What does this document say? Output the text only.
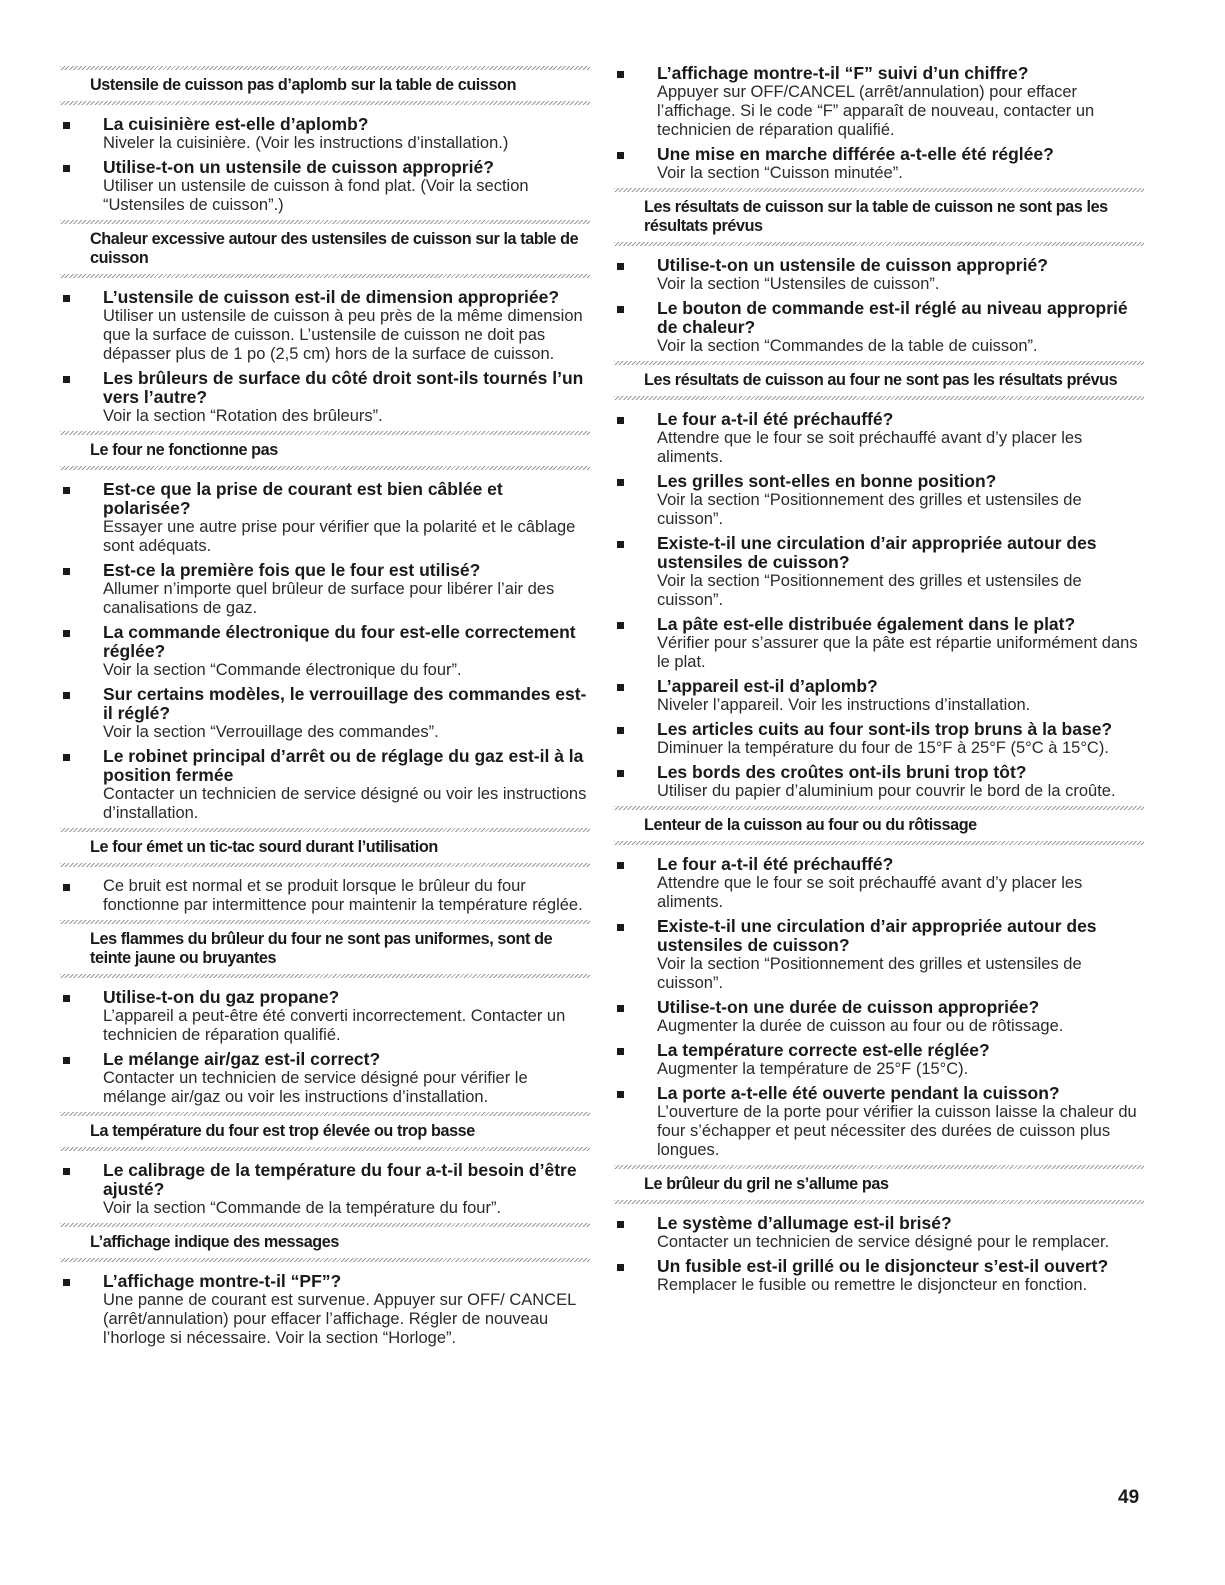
Ustensile de cuisson pas d’aplomb sur la table de cuisson
La cuisinière est-elle d’aplomb?
Niveler la cuisinière. (Voir les instructions d’installation.)
Utilise-t-on un ustensile de cuisson approprié?
Utiliser un ustensile de cuisson à fond plat. (Voir la section “Ustensiles de cuisson”.)
Chaleur excessive autour des ustensiles de cuisson sur la table de cuisson
L’ustensile de cuisson est-il de dimension appropriée?
Utiliser un ustensile de cuisson à peu près de la même dimension que la surface de cuisson. L’ustensile de cuisson ne doit pas dépasser plus de 1 po (2,5 cm) hors de la surface de cuisson.
Les brûleurs de surface du côté droit sont-ils tournés l’un vers l’autre?
Voir la section “Rotation des brûleurs”.
Le four ne fonctionne pas
Est-ce que la prise de courant est bien câblée et polarisée?
Essayer une autre prise pour vérifier que la polarité et le câblage sont adéquats.
Est-ce la première fois que le four est utilisé?
Allumer n’importe quel brûleur de surface pour libérer l’air des canalisations de gaz.
La commande électronique du four est-elle correctement réglée?
Voir la section “Commande électronique du four”.
Sur certains modèles, le verrouillage des commandes est-il réglé?
Voir la section “Verrouillage des commandes”.
Le robinet principal d’arrêt ou de réglage du gaz est-il à la position fermée
Contacter un technicien de service désigné ou voir les instructions d’installation.
Le four émet un tic-tac sourd durant l’utilisation
Ce bruit est normal et se produit lorsque le brûleur du four fonctionne par intermittence pour maintenir la température réglée.
Les flammes du brûleur du four ne sont pas uniformes, sont de teinte jaune ou bruyantes
Utilise-t-on du gaz propane?
L’appareil a peut-être été converti incorrectement. Contacter un technicien de réparation qualifié.
Le mélange air/gaz est-il correct?
Contacter un technicien de service désigné pour vérifier le mélange air/gaz ou voir les instructions d’installation.
La température du four est trop élevée ou trop basse
Le calibrage de la température du four a-t-il besoin d’être ajusté?
Voir la section “Commande de la température du four”.
L’affichage indique des messages
L’affichage montre-t-il “PF”?
Une panne de courant est survenue. Appuyer sur OFF/ CANCEL (arrêt/annulation) pour effacer l’affichage. Régler de nouveau l’horloge si nécessaire. Voir la section “Horloge”.
L’affichage montre-t-il “F” suivi d’un chiffre?
Appuyer sur OFF/CANCEL (arrêt/annulation) pour effacer l’affichage. Si le code “F” apparaît de nouveau, contacter un technicien de réparation qualifié.
Une mise en marche différée a-t-elle été réglée?
Voir la section “Cuisson minutée”.
Les résultats de cuisson sur la table de cuisson ne sont pas les résultats prévus
Utilise-t-on un ustensile de cuisson approprié?
Voir la section “Ustensiles de cuisson”.
Le bouton de commande est-il réglé au niveau approprié de chaleur?
Voir la section “Commandes de la table de cuisson”.
Les résultats de cuisson au four ne sont pas les résultats prévus
Le four a-t-il été préchauffé?
Attendre que le four se soit préchauffé avant d’y placer les aliments.
Les grilles sont-elles en bonne position?
Voir la section “Positionnement des grilles et ustensiles de cuisson”.
Existe-t-il une circulation d’air appropriée autour des ustensiles de cuisson?
Voir la section “Positionnement des grilles et ustensiles de cuisson”.
La pâte est-elle distribuée également dans le plat?
Vérifier pour s’assurer que la pâte est répartie uniformément dans le plat.
L’appareil est-il d’aplomb?
Niveler l’appareil. Voir les instructions d’installation.
Les articles cuits au four sont-ils trop bruns à la base?
Diminuer la température du four de 15°F à 25°F (5°C à 15°C).
Les bords des croûtes ont-ils bruni trop tôt?
Utiliser du papier d’aluminium pour couvrir le bord de la croûte.
Lenteur de la cuisson au four ou du rôtissage
Le four a-t-il été préchauffé?
Attendre que le four se soit préchauffé avant d’y placer les aliments.
Existe-t-il une circulation d’air appropriée autour des ustensiles de cuisson?
Voir la section “Positionnement des grilles et ustensiles de cuisson”.
Utilise-t-on une durée de cuisson appropriée?
Augmenter la durée de cuisson au four ou de rôtissage.
La température correcte est-elle réglée?
Augmenter la température de 25°F (15°C).
La porte a-t-elle été ouverte pendant la cuisson?
L’ouverture de la porte pour vérifier la cuisson laisse la chaleur du four s’échapper et peut nécessiter des durées de cuisson plus longues.
Le brûleur du gril ne s’allume pas
Le système d’allumage est-il brisé?
Contacter un technicien de service désigné pour le remplacer.
Un fusible est-il grillé ou le disjoncteur s’est-il ouvert?
Remplacer le fusible ou remettre le disjoncteur en fonction.
49
